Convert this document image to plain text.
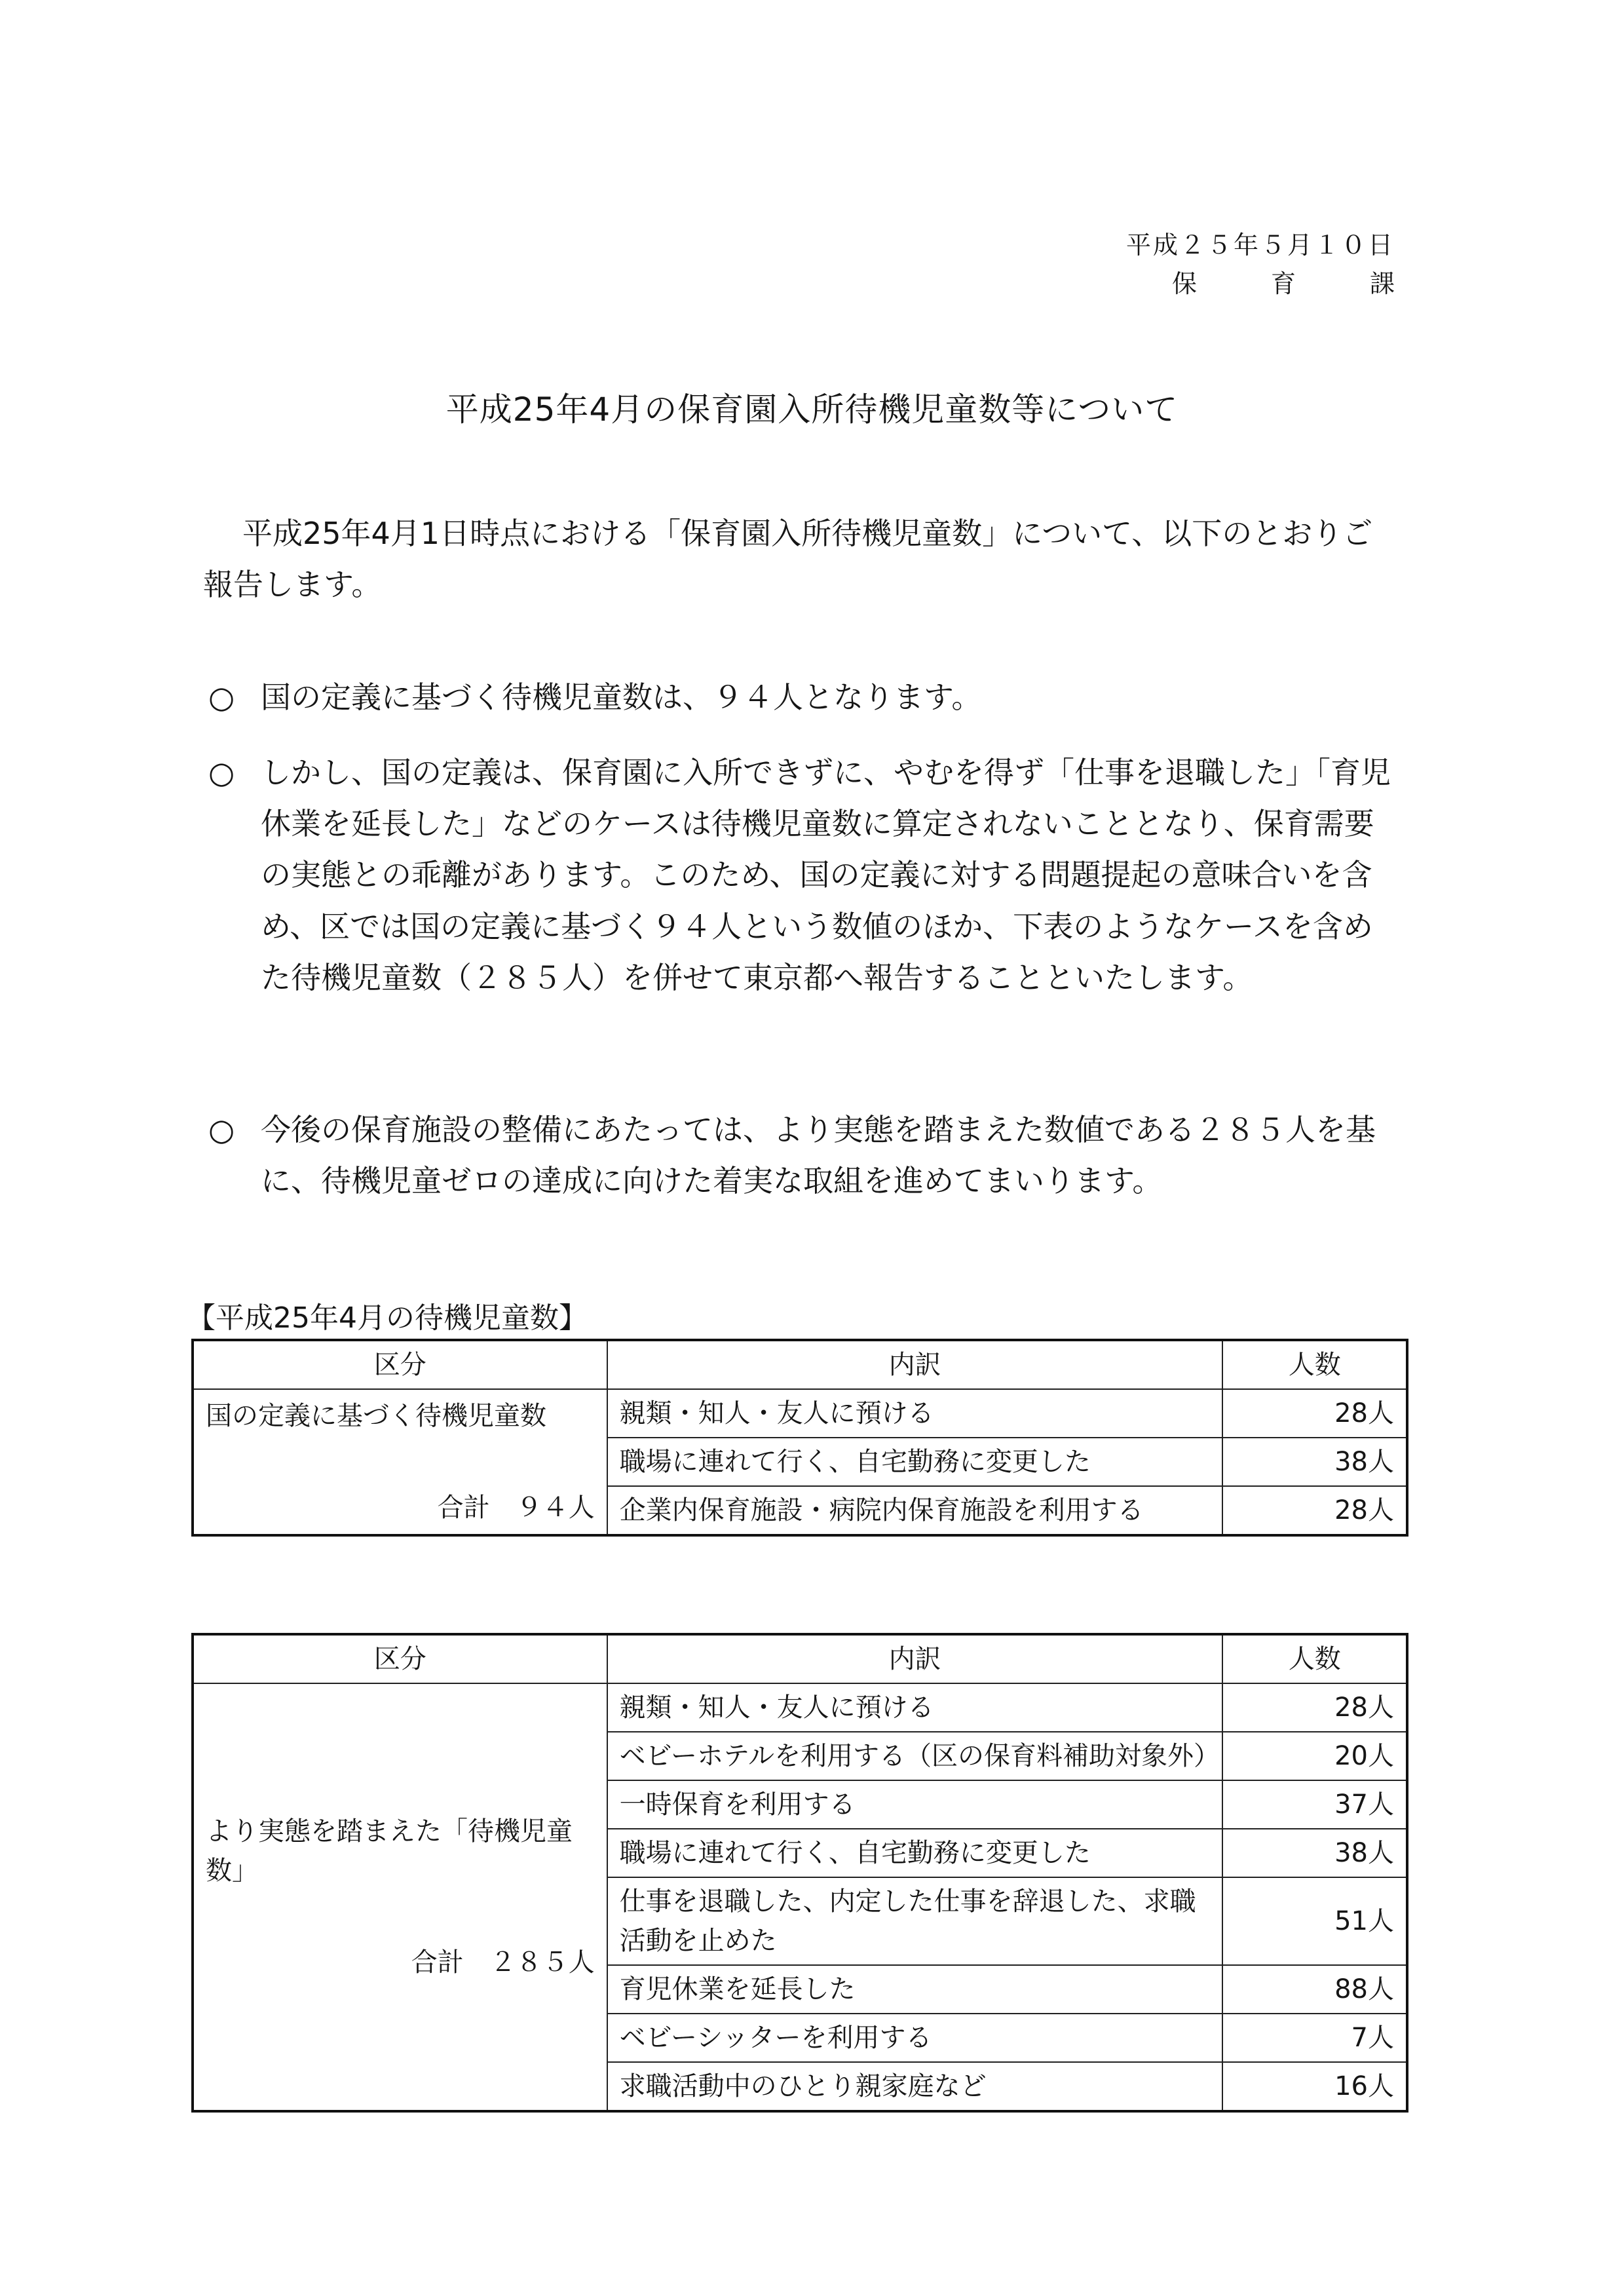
平成２５年５月１０日
保	育	課
平成25年4月の保育園入所待機児童数等について
平成25年4月1日時点における「保育園入所待機児童数」について、以下のとおりご報告します。
○ 国の定義に基づく待機児童数は、９４人となります。
○ しかし、国の定義は、保育園に入所できずに、やむを得ず「仕事を退職した」「育児休業を延長した」などのケースは待機児童数に算定されないこととなり、保育需要の実態との乖離があります。このため、国の定義に対する問題提起の意味合いを含め、区では国の定義に基づく９４人という数値のほか、下表のようなケースを含めた待機児童数（２８５人）を併せて東京都へ報告することといたします。
○ 今後の保育施設の整備にあたっては、より実態を踏まえた数値である２８５人を基に、待機児童ゼロの達成に向けた着実な取組を進めてまいります。
【平成25年4月の待機児童数】
区分	内訳	人数

国の定義に基づく待機児童数
合計　９４人	親類・知人・友人に預ける	28人
	職場に連れて行く、自宅勤務に変更した	38人
	企業内保育施設・病院内保育施設を利用する	28人
区分	内訳	人数

より実態を踏まえた「待機児童数」
合計　２８５人	親類・知人・友人に預ける	28人
	ベビーホテルを利用する（区の保育料補助対象外）	20人
	一時保育を利用する	37人
	職場に連れて行く、自宅勤務に変更した	38人
	仕事を退職した、内定した仕事を辞退した、求職活動を止めた	51人
	育児休業を延長した	88人
	ベビーシッターを利用する	7人
	求職活動中のひとり親家庭など	16人
